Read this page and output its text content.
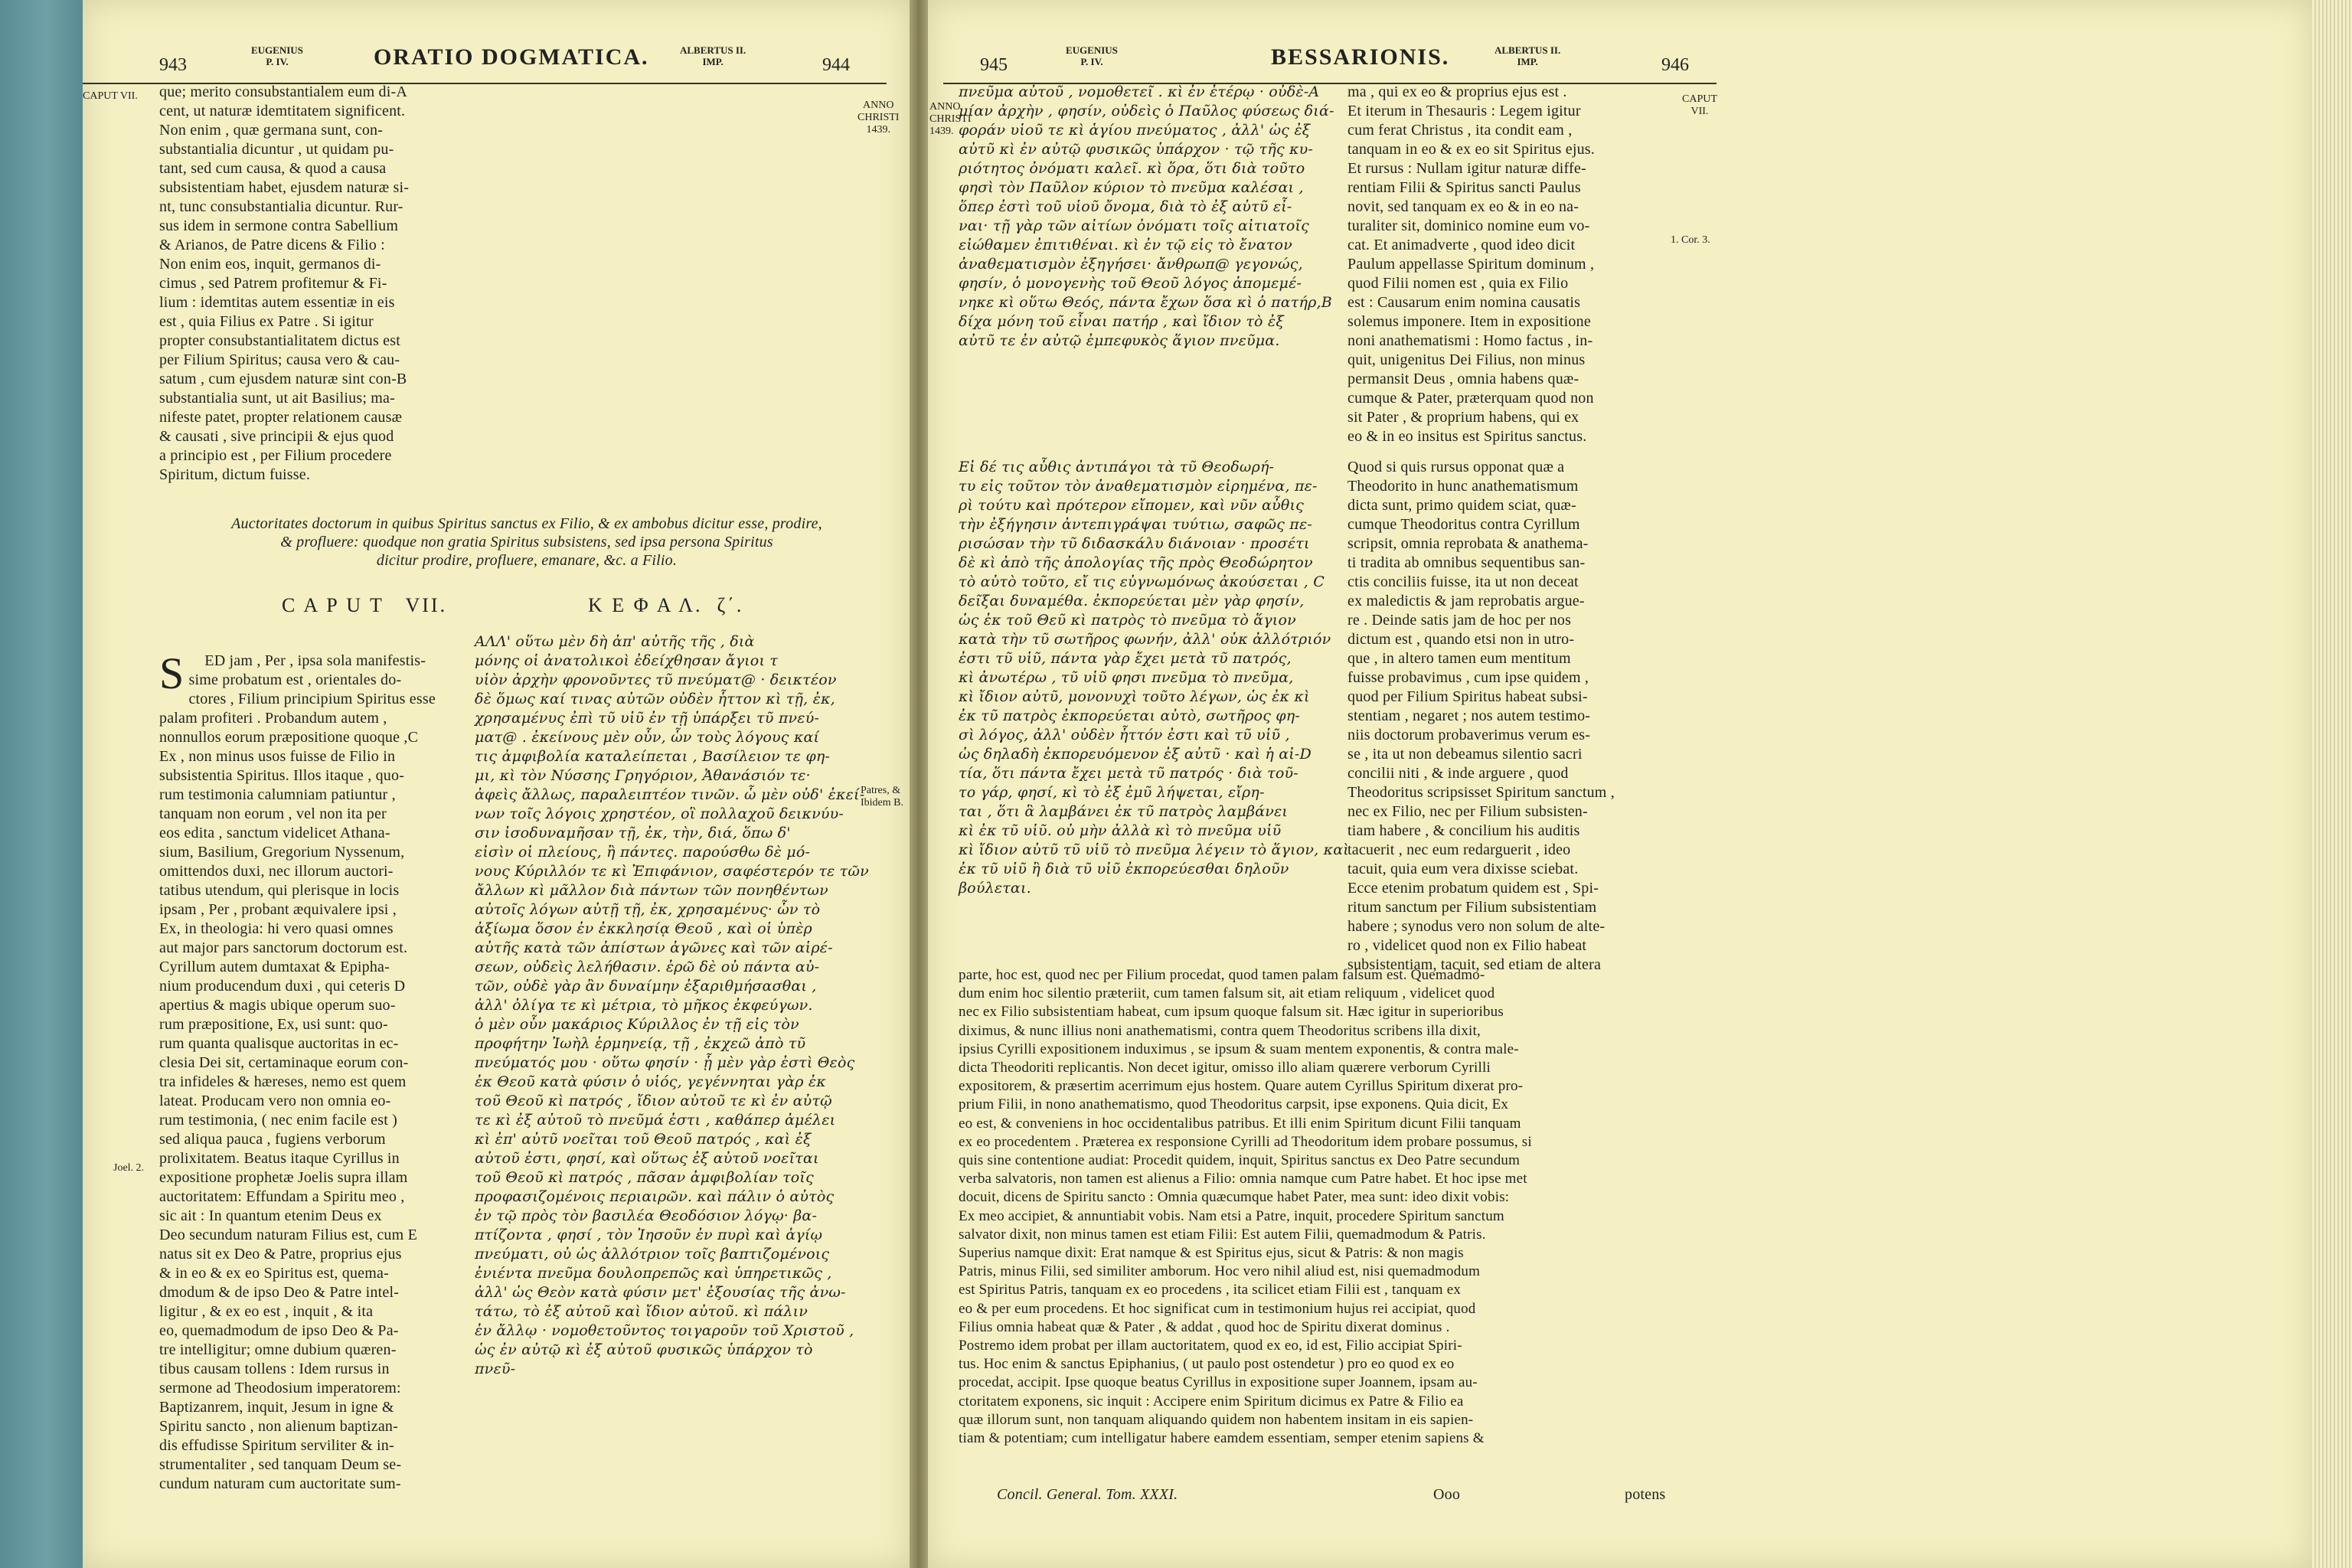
943
EUGENIUS
P. IV.	ORATIO DOGMATICA.	ALBERTUS II.
IMP.	944
CAPUT VII.
ANNO
CHRISTI
1439.
que; merito consubstantialem eum di-A
cent, ut naturæ idemtitatem significent.
Non enim , quæ germana sunt, con-
substantialia dicuntur , ut quidam pu-
tant, sed cum causa, & quod a causa
subsistentiam habet, ejusdem naturæ si-
nt, tunc consubstantialia dicuntur. Rur-
sus idem in sermone contra Sabellium
& Arianos, de Patre dicens & Filio :
Non enim eos, inquit, germanos di-
cimus , sed Patrem profitemur & Fi-
lium : idemtitas autem essentiæ in eis
est , quia Filius ex Patre . Si igitur
propter consubstantialitatem dictus est
per Filium Spiritus; causa vero & cau-
satum , cum ejusdem naturæ sint con-B
substantialia sunt, ut ait Basilius; ma-
nifeste patet, propter relationem causæ
& causati , sive principii & ejus quod
a principio est , per Filium procedere
Spiritum, dictum fuisse.
Auctoritates doctorum in quibus Spiritus sanctus ex Filio, & ex ambobus dicitur esse, prodire,
& profluere: quodque non gratia Spiritus subsistens, sed ipsa persona Spiritus
dicitur prodire, profluere, emanare, &c. a Filio.
C A P U T   VII.	Κ Ε Φ Α Λ.  ζ΄.

S ED jam , Per , ipsa sola manifestis-
sime probatum est , orientales do-
ctores , Filium principium Spiritus esse
palam profiteri . Probandum autem ,
nonnullos eorum præpositione quoque ,C
Ex , non minus usos fuisse de Filio in
subsistentia Spiritus. Illos itaque , quo-
rum testimonia calumniam patiuntur ,
tanquam non eorum , vel non ita per
eos edita , sanctum videlicet Athana-
sium, Basilium, Gregorium Nyssenum,
omittendos duxi, nec illorum auctori-
tatibus utendum, qui plerisque in locis
ipsam , Per , probant æquivalere ipsi ,
Ex, in theologia: hi vero quasi omnes
aut major pars sanctorum doctorum est.
Cyrillum autem dumtaxat & Epipha-
nium producendum duxi , qui ceteris D
apertius & magis ubique operum suo-
rum præpositione, Ex, usi sunt: quo-
rum quanta qualisque auctoritas in ec-
clesia Dei sit, certaminaque eorum con-
tra infideles & hæreses, nemo est quem
lateat. Producam vero non omnia eo-
rum testimonia, ( nec enim facile est )
sed aliqua pauca , fugiens verborum
prolixitatem. Beatus itaque Cyrillus in
expositione prophetæ Joelis supra illam
auctoritatem: Effundam a Spiritu meo ,
sic ait : In quantum etenim Deus ex
Deo secundum naturam Filius est, cum E
natus sit ex Deo & Patre, proprius ejus
& in eo & ex eo Spiritus est, quema-
dmodum & de ipso Deo & Patre intel-
ligitur , & ex eo est , inquit , & ita
eo, quemadmodum de ipso Deo & Pa-
tre intelligitur; omne dubium quæren-
tibus causam tollens : Idem rursus in
sermone ad Theodosium imperatorem:
Baptizanrem, inquit, Jesum in igne &
Spiritu sancto , non alienum baptizan-
dis effudisse Spiritum serviliter & in-
strumentaliter , sed tanquam Deum se-
cundum naturam cum auctoritate sum-

ΑΛΛ' οὕτω μὲν δὴ ἀπ' αὐτῆς τῆς , διὰ
μόνης οἱ ἀνατολικοὶ ἐδείχθησαν ἄγιοι τ
υἱὸν ἀρχὴν φρονοῦντες τῦ πνεύματ@ · δεικτέον
δὲ ὅμως καί τινας αὐτῶν οὐδὲν ἧττον κὶ τῇ, ἐκ,
χρησαμένυς ἐπὶ τῦ υἱῦ ἐν τῇ ὑπάρξει τῦ πνεύ-
ματ@ . ἐκείνους μὲν οὖν, ὧν τοὺς λόγους καί
τις ἀμφιβολία καταλείπεται , Βασίλειον τε φη-
μι, κὶ τὸν Νύσσης Γρηγόριον, Ἀθανάσιόν τε·
ἀφεὶς ἄλλως, παραλειπτέον τινῶν. ὧ μὲν οὐδ' ἐκεί-
νων τοῖς λόγοις χρηστέον, οἳ πολλαχοῦ δεικνύυ-
σιν ἰσοδυναμῆσαν τῇ, ἐκ, τὴν, διά, ὅπω δ'
εἰσὶν οἱ πλείους, ἢ πάντες. παρούσθω δὲ μό-
νους Κύριλλόν τε κὶ Ἐπιφάνιον, σαφέστερόν τε τῶν
ἄλλων κὶ μᾶλλον διὰ πάντων τῶν πονηθέντων
αὐτοῖς λόγων αὐτῇ τῇ, ἐκ, χρησαμένυς· ὧν τὸ
ἀξίωμα ὅσον ἐν ἐκκλησίᾳ Θεοῦ , καὶ οἱ ὑπὲρ
αὐτῆς κατὰ τῶν ἀπίστων ἀγῶνες καὶ τῶν αἱρέ-
σεων, οὐδεὶς λελήθασιν. ἐρῶ δὲ οὐ πάντα αὐ-
τῶν, οὐδὲ γὰρ ἂν δυναίμην ἐξαριθμήσασθαι ,
ἀλλ' ὀλίγα τε κὶ μέτρια, τὸ μῆκος ἐκφεύγων.
ὁ μὲν οὖν μακάριος Κύριλλος ἐν τῇ εἰς τὸν
προφήτην Ἰωὴλ ἑρμηνείᾳ, τῇ , ἐκχεῶ ἀπὸ τῦ
πνεύματός μου · οὕτω φησίν · ᾗ μὲν γὰρ ἐστὶ Θεὸς
ἐκ Θεοῦ κατὰ φύσιν ὁ υἱός, γεγέννηται γὰρ ἐκ
τοῦ Θεοῦ κὶ πατρός , ἴδιον αὐτοῦ τε κὶ ἐν αὐτῷ
τε κὶ ἐξ αὐτοῦ τὸ πνεῦμά ἐστι , καθάπερ ἀμέλει
κὶ ἐπ' αὐτῦ νοεῖται τοῦ Θεοῦ πατρός , καὶ ἐξ
αὐτοῦ ἐστι, φησί, καὶ οὕτως ἐξ αὐτοῦ νοεῖται
τοῦ Θεοῦ κὶ πατρός , πᾶσαν ἀμφιβολίαν τοῖς
προφασιζομένοις περιαιρῶν. καὶ πάλιν ὁ αὐτὸς
ἐν τῷ πρὸς τὸν βασιλέα Θεοδόσιον λόγῳ· βα-
πτίζοντα , φησί , τὸν Ἰησοῦν ἐν πυρὶ καὶ ἁγίῳ
πνεύματι, οὐ ὡς ἀλλότριον τοῖς βαπτιζομένοις
ἐνιέντα πνεῦμα δουλοπρεπῶς καὶ ὑπηρετικῶς ,
ἀλλ' ὡς Θεὸν κατὰ φύσιν μετ' ἐξουσίας τῆς ἀνω-
τάτω, τὸ ἐξ αὐτοῦ καὶ ἴδιον αὐτοῦ. κὶ πάλιν
ἐν ἄλλῳ · νομοθετοῦντος τοιγαροῦν τοῦ Χριστοῦ ,
ὡς ἐν αὐτῷ κὶ ἐξ αὐτοῦ φυσικῶς ὑπάρχον τὸ
πνεῦ-
Patres, &
Ibidem B.
Joel. 2.
945
EUGENIUS
P. IV.	BESSARIONIS.	ALBERTUS II.
IMP.	946
ANNO
CHRISTI
1439.
CAPUT
VII.
1. Cor. 3.
πνεῦμα αὐτοῦ , νομοθετεῖ . κὶ ἐν ἑτέρῳ · οὐδὲ-A
μίαν ἀρχὴν , φησίν, οὐδεὶς ὁ Παῦλος φύσεως διά-
φοράν υἱοῦ τε κὶ ἁγίου πνεύματος , ἀλλ' ὡς ἐξ
αὐτῦ κὶ ἐν αὐτῷ φυσικῶς ὑπάρχον · τῷ τῆς κυ-
ριότητος ὀνόματι καλεῖ. κὶ ὅρα, ὅτι διὰ τοῦτο
φησὶ τὸν Παῦλον κύριον τὸ πνεῦμα καλέσαι ,
ὅπερ ἐστὶ τοῦ υἱοῦ ὄνομα, διὰ τὸ ἐξ αὐτῦ εἶ-
ναι· τῇ γὰρ τῶν αἰτίων ὀνόματι τοῖς αἰτιατοῖς
εἰώθαμεν ἐπιτιθέναι. κὶ ἐν τῷ εἰς τὸ ἔνατον
ἀναθεματισμὸν ἐξηγήσει· ἄνθρωπ@ γεγονώς,
φησίν, ὁ μονογενὴς τοῦ Θεοῦ λόγος ἀπομεμέ-
νηκε κὶ οὕτω Θεός, πάντα ἔχων ὅσα κὶ ὁ πατήρ,B
δίχα μόνη τοῦ εἶναι πατήρ , καὶ ἴδιον τὸ ἐξ
αὐτῦ τε ἐν αὐτῷ ἐμπεφυκὸς ἅγιον πνεῦμα.
ma , qui ex eo & proprius ejus est .
Et iterum in Thesauris : Legem igitur
cum ferat Christus , ita condit eam ,
tanquam in eo & ex eo sit Spiritus ejus.
Et rursus : Nullam igitur naturæ diffe-
rentiam Filii & Spiritus sancti Paulus
novit, sed tanquam ex eo & in eo na-
turaliter sit, dominico nomine eum vo-
cat. Et animadverte , quod ideo dicit
Paulum appellasse Spiritum dominum ,
quod Filii nomen est , quia ex Filio
est : Causarum enim nomina causatis
solemus imponere. Item in expositione
noni anathematismi : Homo factus , in-
quit, unigenitus Dei Filius, non minus
permansit Deus , omnia habens quæ-
cumque & Pater, præterquam quod non
sit Pater , & proprium habens, qui ex
eo & in eo insitus est Spiritus sanctus.
Εἰ δέ τις αὖθις ἀντιπάγοι τὰ τῦ Θεοδωρή-
τυ εἰς τοῦτον τὸν ἀναθεματισμὸν εἰρημένα, πε-
ρὶ τούτυ καὶ πρότερον εἴπομεν, καὶ νῦν αὖθις
τὴν ἐξήγησιν ἀντεπιγράψαι τυύτιω, σαφῶς πε-
ρισώσαν τὴν τῦ διδασκάλυ διάνοιαν · προσέτι
δὲ κὶ ἀπὸ τῆς ἀπολογίας τῆς πρὸς Θεοδώρητον
τὸ αὐτὸ τοῦτο, εἴ τις εὐγνωμόνως ἀκούσεται , C
δεῖξαι δυναμέθα. ἐκπορεύεται μὲν γὰρ φησίν,
ὡς ἐκ τοῦ Θεῦ κὶ πατρὸς τὸ πνεῦμα τὸ ἅγιον
κατὰ τὴν τῦ σωτῆρος φωνήν, ἀλλ' οὐκ ἀλλότριόν
ἐστι τῦ υἱῦ, πάντα γὰρ ἔχει μετὰ τῦ πατρός,
κὶ ἀνωτέρω , τῦ υἱῦ φησι πνεῦμα τὸ πνεῦμα,
κὶ ἴδιον αὐτῦ, μονονυχὶ τοῦτο λέγων, ὡς ἐκ κὶ
ἐκ τῦ πατρὸς ἐκπορεύεται αὐτὸ, σωτῆρος φη-
σὶ λόγος, ἀλλ' οὐδὲν ἧττόν ἐστι καὶ τῦ υἱῦ ,
ὡς δηλαδὴ ἐκπορευόμενον ἐξ αὐτῦ · καὶ ἡ αἰ-D
τία, ὅτι πάντα ἔχει μετὰ τῦ πατρός · διὰ τοῦ-
το γάρ, φησί, κὶ τὸ ἐξ ἐμῦ λήψεται, εἴρη-
ται , ὅτι ἃ λαμβάνει ἐκ τῦ πατρὸς λαμβάνει
κὶ ἐκ τῦ υἱῦ. οὐ μὴν ἀλλὰ κὶ τὸ πνεῦμα υἱῦ
κὶ ἴδιον αὐτῦ τῦ υἱῦ τὸ πνεῦμα λέγειν τὸ ἅγιον, καὶ
ἐκ τῦ υἱῦ ἢ διὰ τῦ υἱῦ ἐκπορεύεσθαι δηλοῦν
βούλεται.
Quod si quis rursus opponat quæ a
Theodorito in hunc anathematismum
dicta sunt, primo quidem sciat, quæ-
cumque Theodoritus contra Cyrillum
scripsit, omnia reprobata & anathema-
ti tradita ab omnibus sequentibus san-
ctis conciliis fuisse, ita ut non deceat
ex maledictis & jam reprobatis argue-
re . Deinde satis jam de hoc per nos
dictum est , quando etsi non in utro-
que , in altero tamen eum mentitum
fuisse probavimus , cum ipse quidem ,
quod per Filium Spiritus habeat subsi-
stentiam , negaret ; nos autem testimo-
niis doctorum probaverimus verum es-
se , ita ut non debeamus silentio sacri
concilii niti , & inde arguere , quod
Theodoritus scripsisset Spiritum sanctum ,
nec ex Filio, nec per Filium subsisten-
tiam habere , & concilium his auditis
tacuerit , nec eum redarguerit , ideo
tacuit, quia eum vera dixisse sciebat.
Ecce etenim probatum quidem est , Spi-
ritum sanctum per Filium subsistentiam
habere ; synodus vero non solum de alte-
ro , videlicet quod non ex Filio habeat
subsistentiam, tacuit, sed etiam de altera
parte, hoc est, quod nec per Filium procedat, quod tamen palam falsum est. Quemadmo-
dum enim hoc silentio præteriit, cum tamen falsum sit, ait etiam reliquum , videlicet quod
nec ex Filio subsistentiam habeat, cum ipsum quoque falsum sit. Hæc igitur in superioribus
diximus, & nunc illius noni anathematismi, contra quem Theodoritus scribens illa dixit,
ipsius Cyrilli expositionem induximus , se ipsum & suam mentem exponentis, & contra male-
dicta Theodoriti replicantis. Non decet igitur, omisso illo aliam quærere verborum Cyrilli
expositorem, & præsertim acerrimum ejus hostem. Quare autem Cyrillus Spiritum dixerat pro-
prium Filii, in nono anathematismo, quod Theodoritus carpsit, ipse exponens. Quia dicit, Ex
eo est, & conveniens in hoc occidentalibus patribus. Et illi enim Spiritum dicunt Filii tanquam
ex eo procedentem . Præterea ex responsione Cyrilli ad Theodoritum idem probare possumus, si
quis sine contentione audiat: Procedit quidem, inquit, Spiritus sanctus ex Deo Patre secundum
verba salvatoris, non tamen est alienus a Filio: omnia namque cum Patre habet. Et hoc ipse met
docuit, dicens de Spiritu sancto : Omnia quæcumque habet Pater, mea sunt: ideo dixit vobis:
Ex meo accipiet, & annuntiabit vobis. Nam etsi a Patre, inquit, procedere Spiritum sanctum
salvator dixit, non minus tamen est etiam Filii: Est autem Filii, quemadmodum & Patris.
Superius namque dixit: Erat namque & est Spiritus ejus, sicut & Patris: & non magis
Patris, minus Filii, sed similiter amborum. Hoc vero nihil aliud est, nisi quemadmodum
est Spiritus Patris, tanquam ex eo procedens , ita scilicet etiam Filii est , tanquam ex
eo & per eum procedens. Et hoc significat cum in testimonium hujus rei accipiat, quod
Filius omnia habeat quæ & Pater , & addat , quod hoc de Spiritu dixerat dominus .
Postremo idem probat per illam auctoritatem, quod ex eo, id est, Filio accipiat Spiri-
tus. Hoc enim & sanctus Epiphanius, ( ut paulo post ostendetur ) pro eo quod ex eo
procedat, accipit. Ipse quoque beatus Cyrillus in expositione super Joannem, ipsam au-
ctoritatem exponens, sic inquit : Accipere enim Spiritum dicimus ex Patre & Filio ea
quæ illorum sunt, non tanquam aliquando quidem non habentem insitam in eis sapien-
tiam & potentiam; cum intelligatur habere eamdem essentiam, semper etenim sapiens &
Concil. General. Tom. XXXI.	Ooo	potens
